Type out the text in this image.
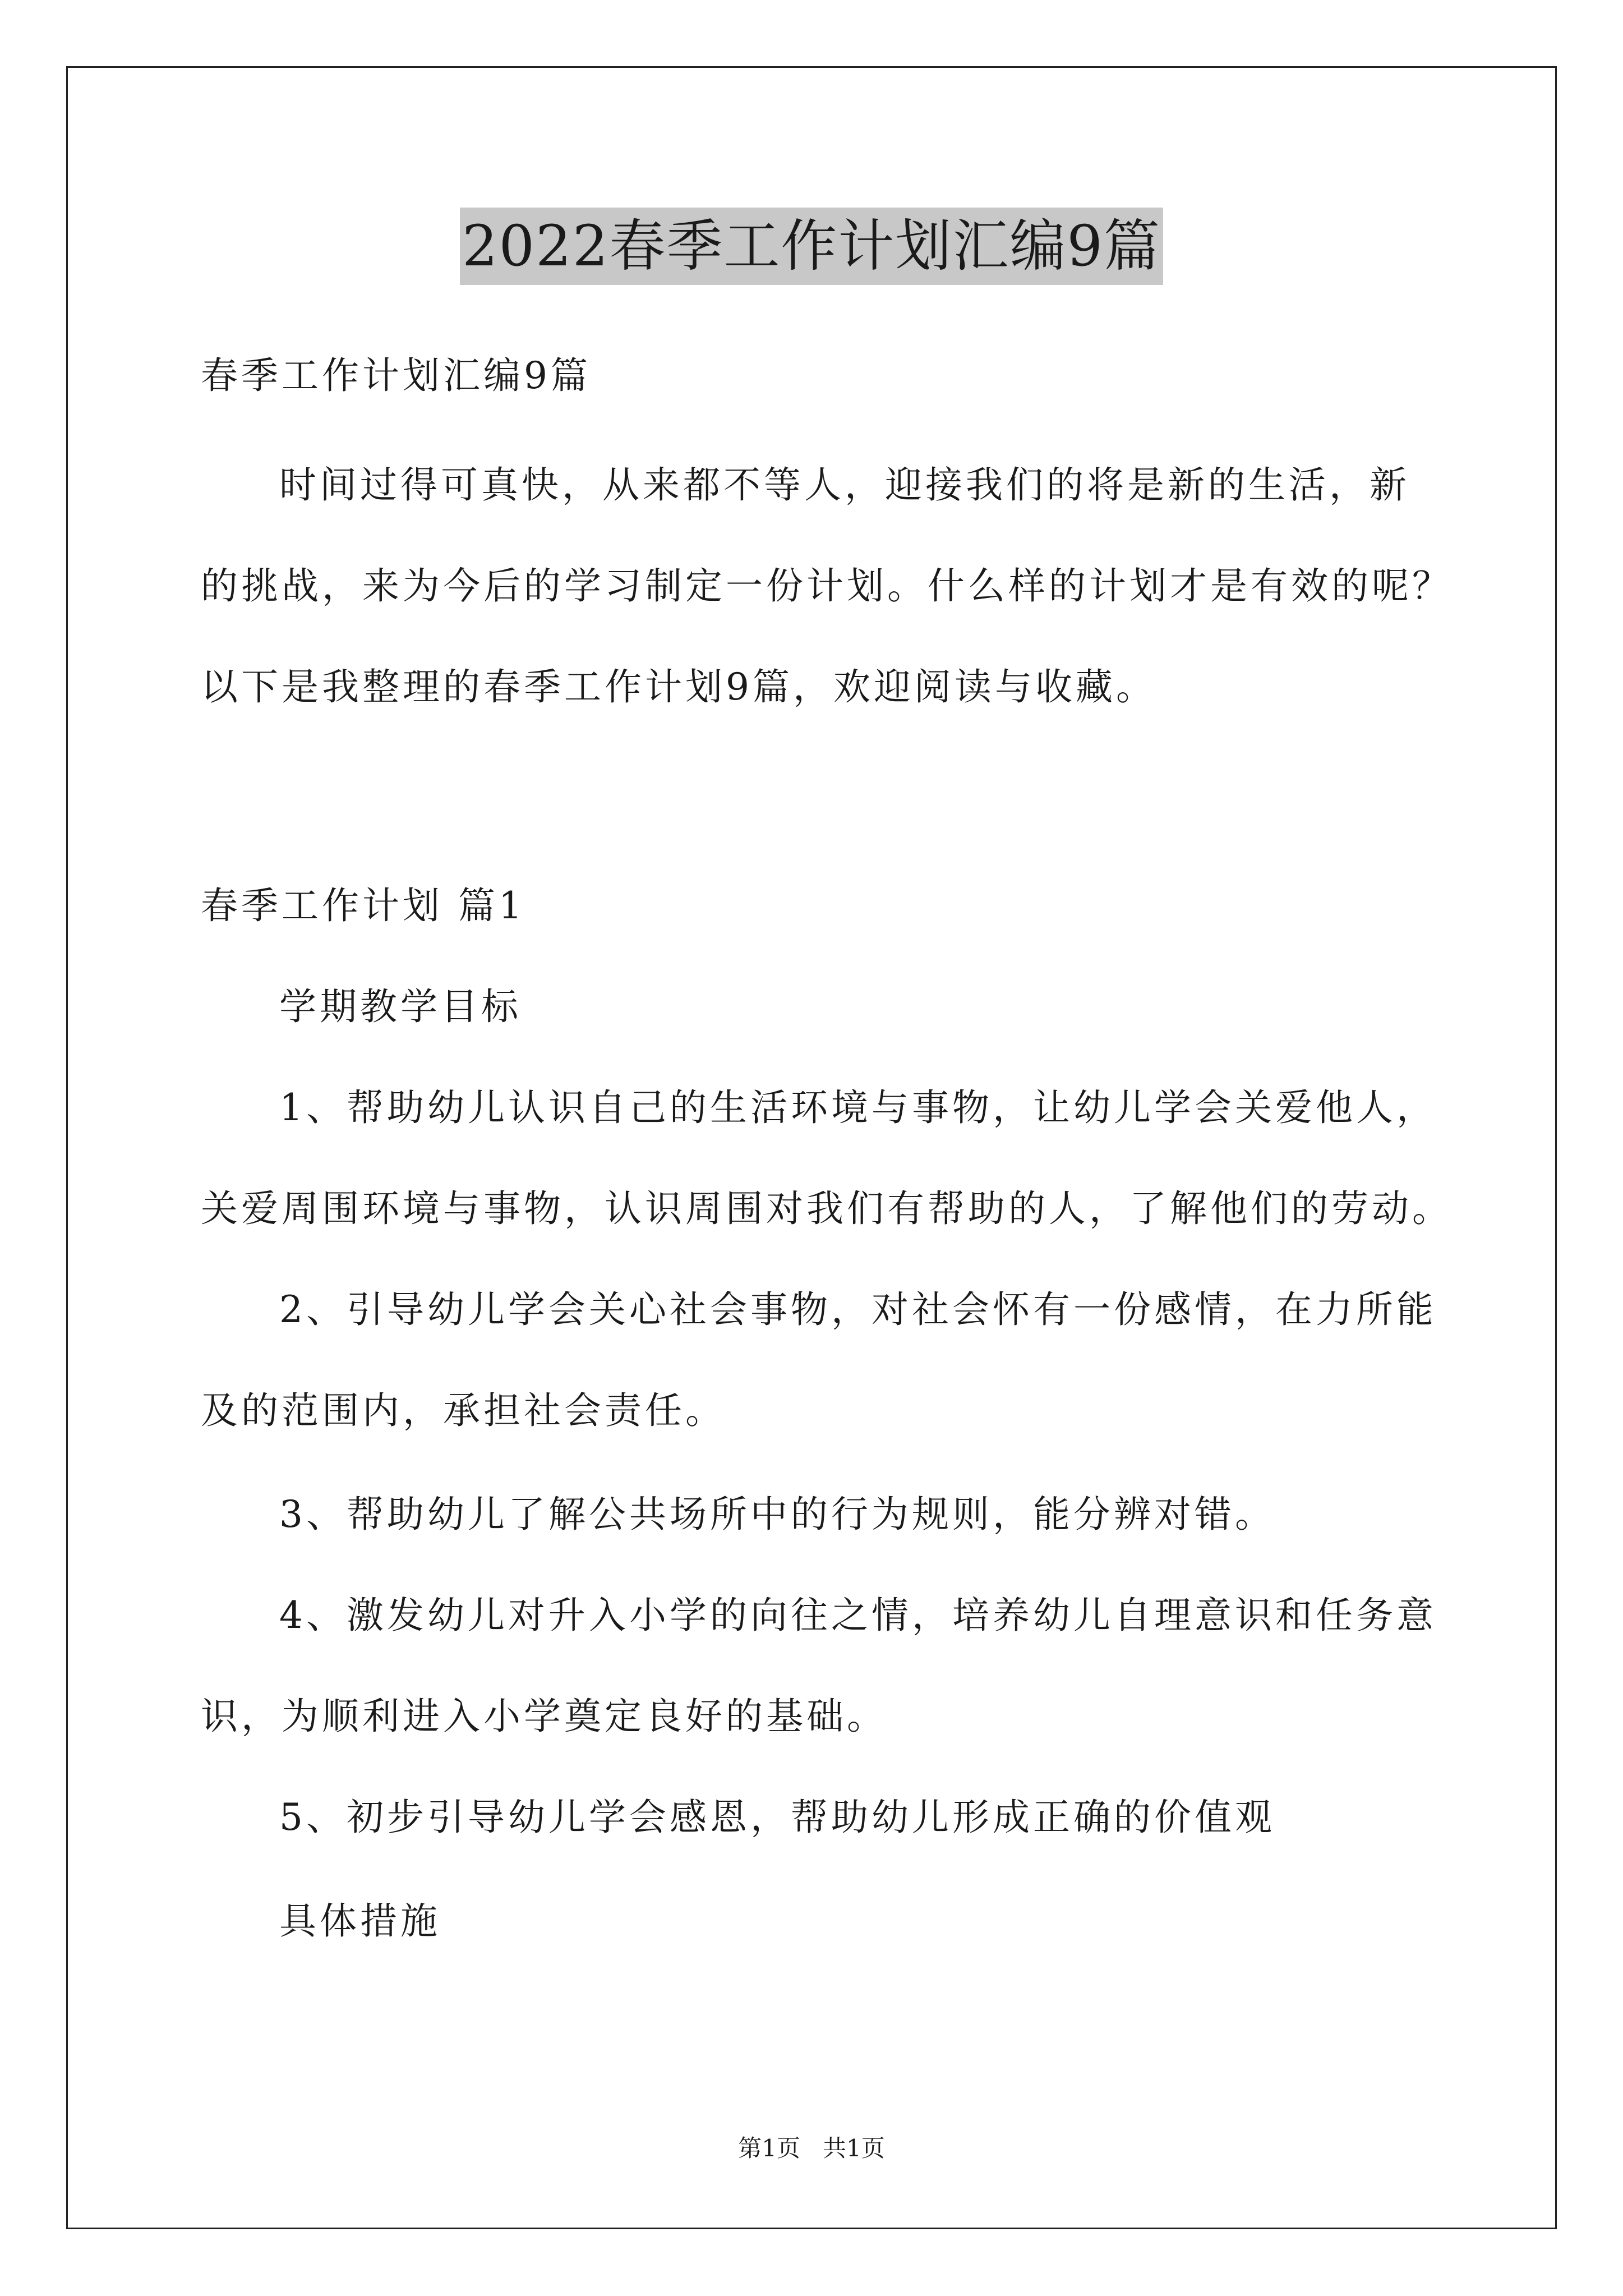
2022春季工作计划汇编9篇
春季工作计划汇编9篇
时间过得可真快，从来都不等人，迎接我们的将是新的生活，新
的挑战，来为今后的学习制定一份计划。什么样的计划才是有效的呢？
以下是我整理的春季工作计划9篇，欢迎阅读与收藏。
春季工作计划 篇1
学期教学目标
1、帮助幼儿认识自己的生活环境与事物，让幼儿学会关爱他人，
关爱周围环境与事物，认识周围对我们有帮助的人，了解他们的劳动。
2、引导幼儿学会关心社会事物，对社会怀有一份感情，在力所能
及的范围内，承担社会责任。
3、帮助幼儿了解公共场所中的行为规则，能分辨对错。
4、激发幼儿对升入小学的向往之情，培养幼儿自理意识和任务意
识，为顺利进入小学奠定良好的基础。
5、初步引导幼儿学会感恩，帮助幼儿形成正确的价值观
具体措施
第1页   共1页
